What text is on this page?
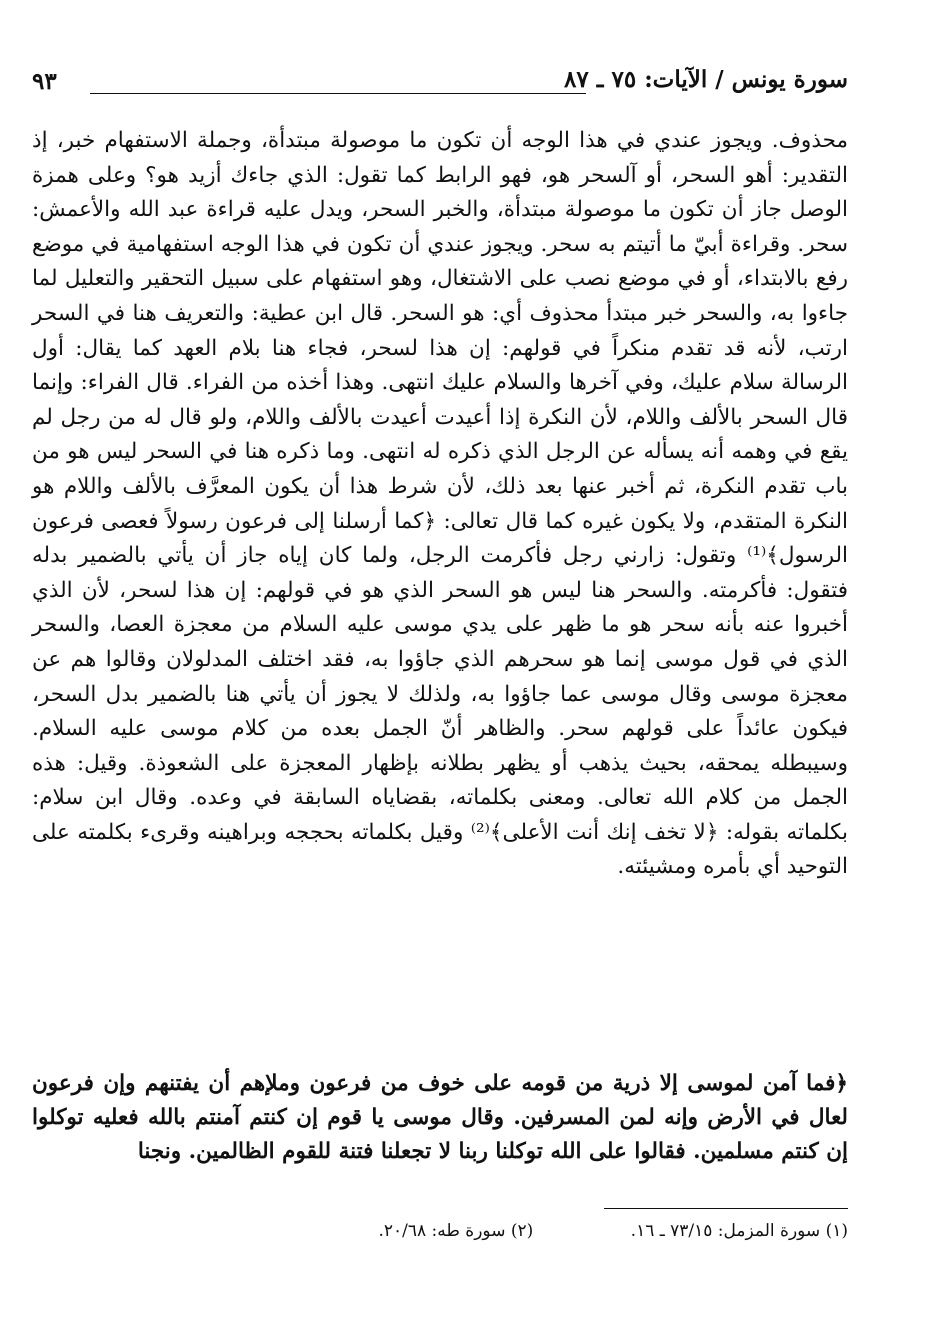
سورة يونس / الآيات: ٧٥ ـ ٨٧
٩٣

محذوف. ويجوز عندي في هذا الوجه أن تكون ما موصولة مبتدأة، وجملة الاستفهام خبر، إذ التقدير: أهو السحر، أو آلسحر هو، فهو الرابط كما تقول: الذي جاءك أزيد هو؟ وعلى همزة الوصل جاز أن تكون ما موصولة مبتدأة، والخبر السحر، ويدل عليه قراءة عبد الله والأعمش: سحر. وقراءة أبيّ ما أتيتم به سحر. ويجوز عندي أن تكون في هذا الوجه استفهامية في موضع رفع بالابتداء، أو في موضع نصب على الاشتغال، وهو استفهام على سبيل التحقير والتعليل لما جاءوا به، والسحر خبر مبتدأ محذوف أي: هو السحر. قال ابن عطية: والتعريف هنا في السحر ارتب، لأنه قد تقدم منكراً في قولهم: إن هذا لسحر، فجاء هنا بلام العهد كما يقال: أول الرسالة سلام عليك، وفي آخرها والسلام عليك انتهى. وهذا أخذه من الفراء. قال الفراء: وإنما قال السحر بالألف واللام، لأن النكرة إذا أعيدت أعيدت بالألف واللام، ولو قال له من رجل لم يقع في وهمه أنه يسأله عن الرجل الذي ذكره له انتهى. وما ذكره هنا في السحر ليس هو من باب تقدم النكرة، ثم أخبر عنها بعد ذلك، لأن شرط هذا أن يكون المعرَّف بالألف واللام هو النكرة المتقدم، ولا يكون غيره كما قال تعالى: ﴿كما أرسلنا إلى فرعون رسولاً فعصى فرعون الرسول﴾⁽¹⁾ وتقول: زارني رجل فأكرمت الرجل، ولما كان إياه جاز أن يأتي بالضمير بدله فتقول: فأكرمته. والسحر هنا ليس هو السحر الذي هو في قولهم: إن هذا لسحر، لأن الذي أخبروا عنه بأنه سحر هو ما ظهر على يدي موسى عليه السلام من معجزة العصا، والسحر الذي في قول موسى إنما هو سحرهم الذي جاؤوا به، فقد اختلف المدلولان وقالوا هم عن معجزة موسى وقال موسى عما جاؤوا به، ولذلك لا يجوز أن يأتي هنا بالضمير بدل السحر، فيكون عائداً على قولهم سحر. والظاهر أنّ الجمل بعده من كلام موسى عليه السلام. وسيبطله يمحقه، بحيث يذهب أو يظهر بطلانه بإظهار المعجزة على الشعوذة. وقيل: هذه الجمل من كلام الله تعالى. ومعنى بكلماته، بقضاياه السابقة في وعده. وقال ابن سلام: بكلماته بقوله: ﴿لا تخف إنك أنت الأعلى﴾⁽²⁾ وقيل بكلماته بحججه وبراهينه وقرىء بكلمته على التوحيد أي بأمره ومشيئته.

﴿فما آمن لموسى إلا ذرية من قومه على خوف من فرعون وملإهم أن يفتنهم وإن فرعون لعال في الأرض وإنه لمن المسرفين. وقال موسى يا قوم إن كنتم آمنتم بالله فعليه توكلوا إن كنتم مسلمين. فقالوا على الله توكلنا ربنا لا تجعلنا فتنة للقوم الظالمين. ونجنا

(١) سورة المزمل: ٧٣/١٥ ـ ١٦. (٢) سورة طه: ٢٠/٦٨.
